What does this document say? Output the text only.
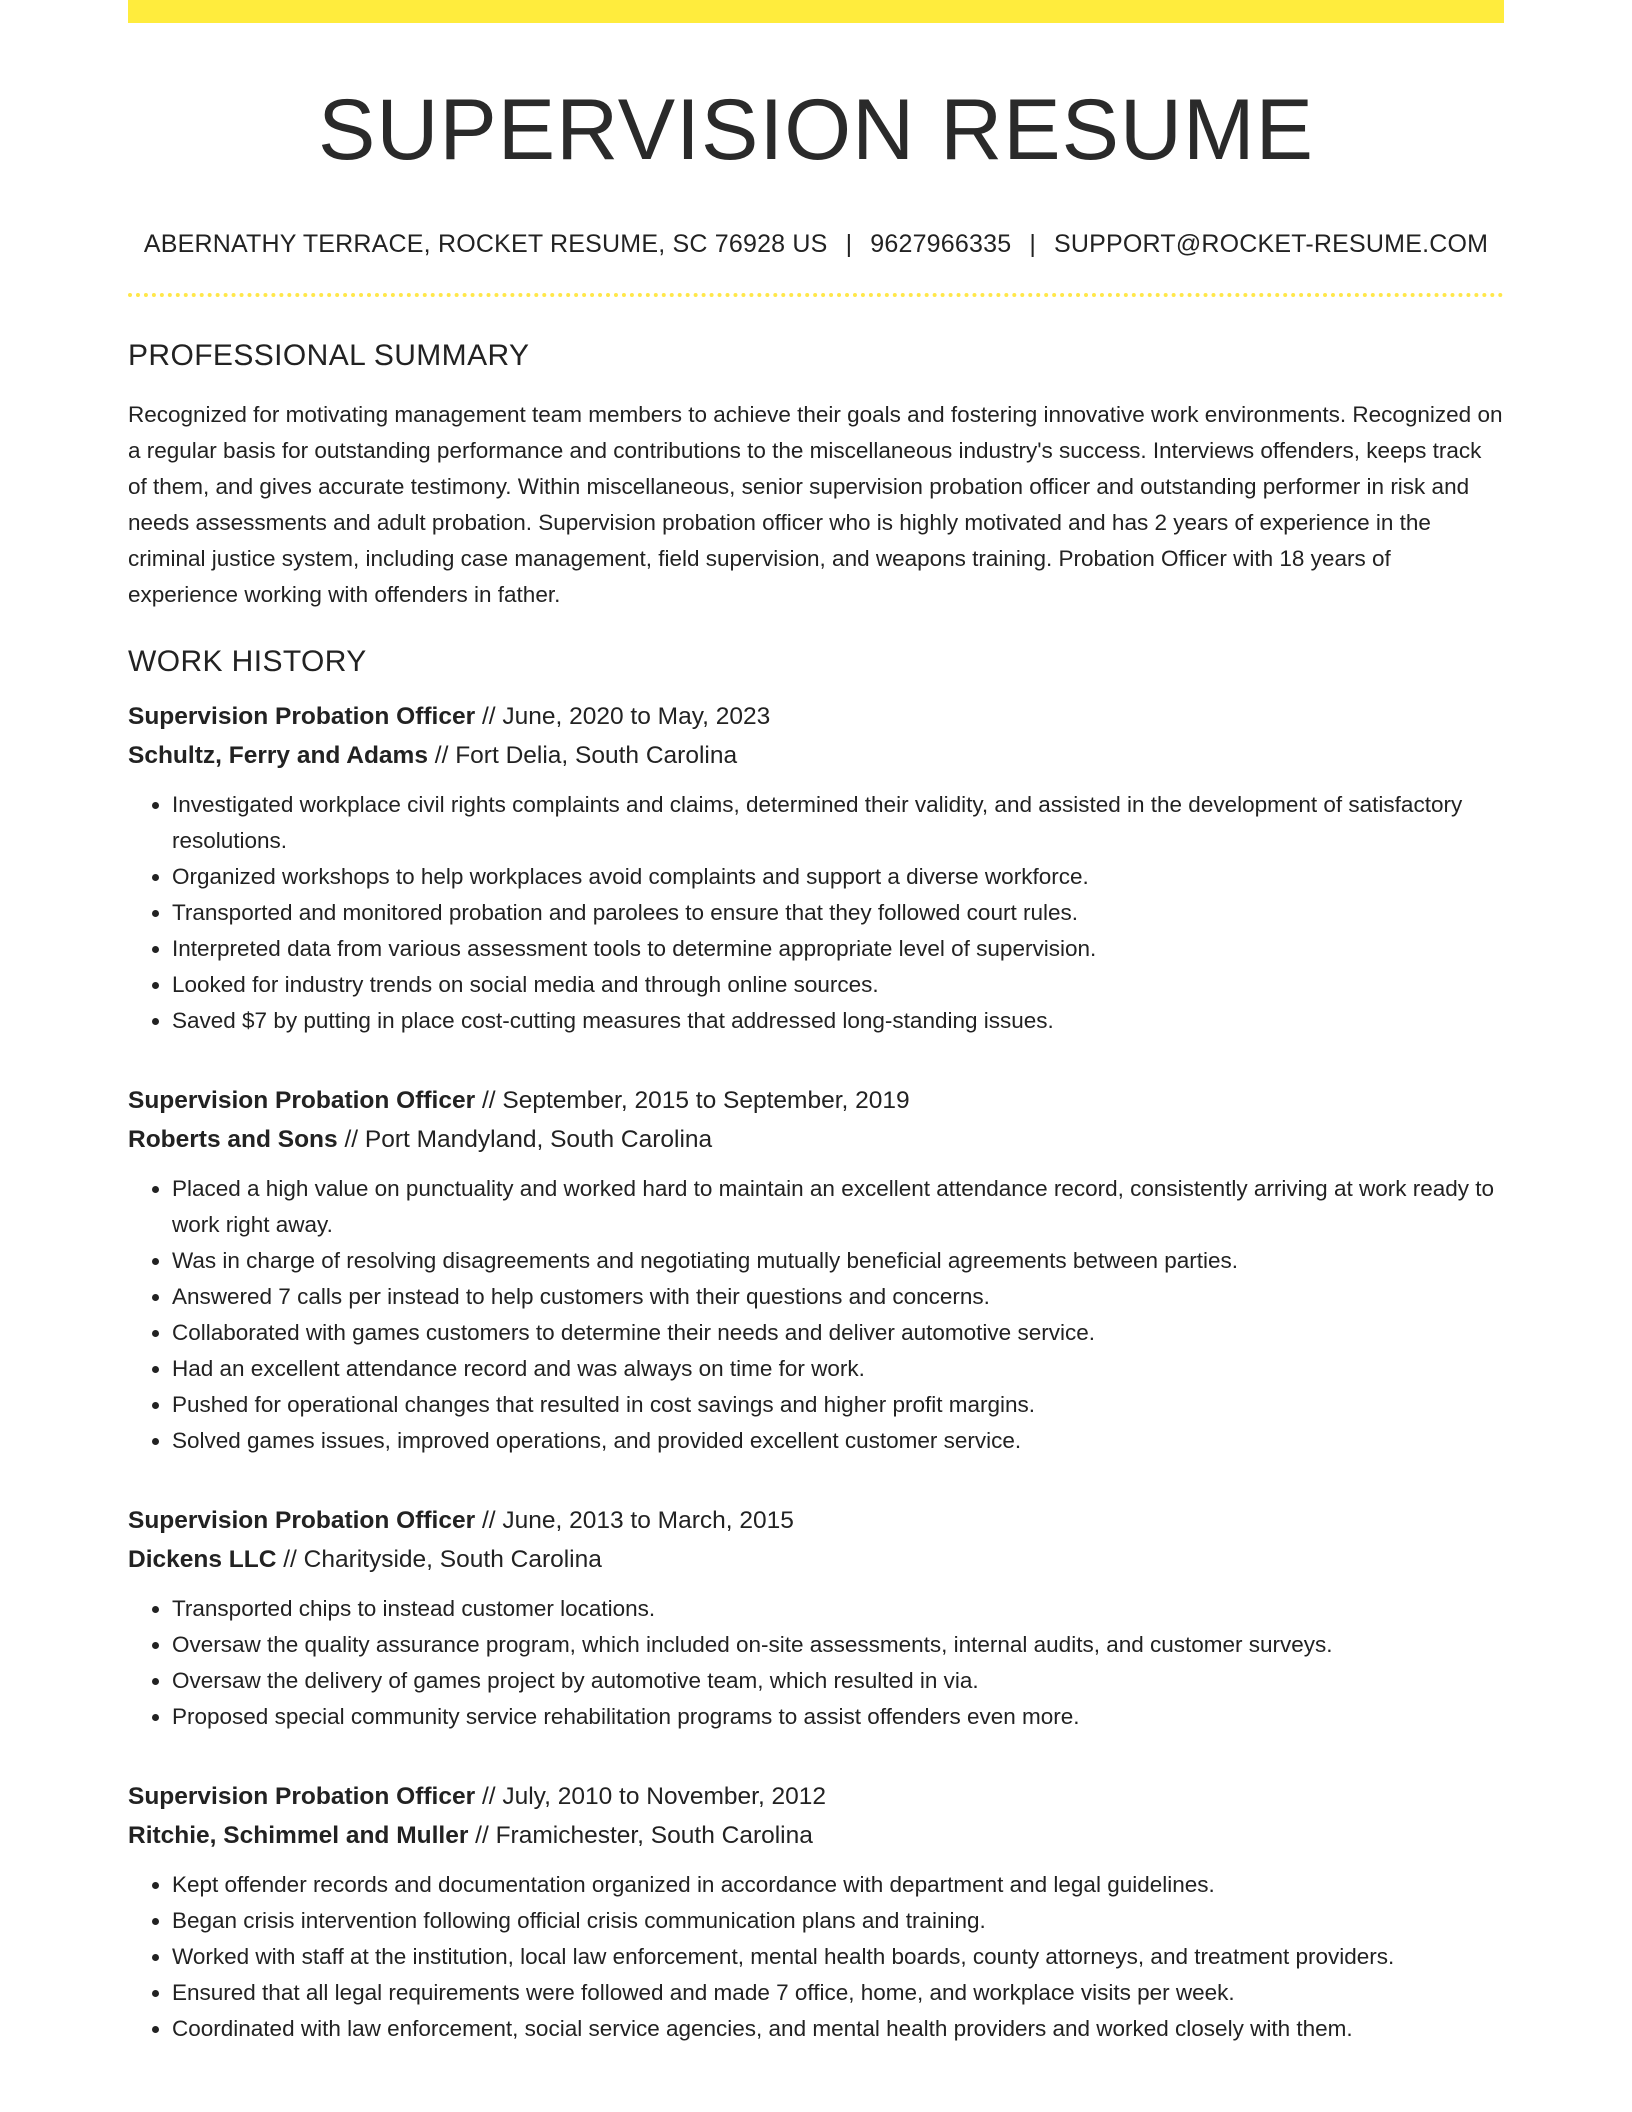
SUPERVISION RESUME
ABERNATHY TERRACE, ROCKET RESUME, SC 76928 US | 9627966335 | SUPPORT@ROCKET-RESUME.COM
PROFESSIONAL SUMMARY

Recognized for motivating management team members to achieve their goals and fostering innovative work environments. Recognized on a regular basis for outstanding performance and contributions to the miscellaneous industry's success. Interviews offenders, keeps track of them, and gives accurate testimony. Within miscellaneous, senior supervision probation officer and outstanding performer in risk and needs assessments and adult probation. Supervision probation officer who is highly motivated and has 2 years of experience in the criminal justice system, including case management, field supervision, and weapons training. Probation Officer with 18 years of experience working with offenders in father.

WORK HISTORY
Supervision Probation Officer // June, 2020 to May, 2023
Schultz, Ferry and Adams // Fort Delia, South Carolina
• Investigated workplace civil rights complaints and claims, determined their validity, and assisted in the development of satisfactory resolutions.
• Organized workshops to help workplaces avoid complaints and support a diverse workforce.
• Transported and monitored probation and parolees to ensure that they followed court rules.
• Interpreted data from various assessment tools to determine appropriate level of supervision.
• Looked for industry trends on social media and through online sources.
• Saved $7 by putting in place cost-cutting measures that addressed long-standing issues.
Supervision Probation Officer // September, 2015 to September, 2019
Roberts and Sons // Port Mandyland, South Carolina
• Placed a high value on punctuality and worked hard to maintain an excellent attendance record, consistently arriving at work ready to work right away.
• Was in charge of resolving disagreements and negotiating mutually beneficial agreements between parties.
• Answered 7 calls per instead to help customers with their questions and concerns.
• Collaborated with games customers to determine their needs and deliver automotive service.
• Had an excellent attendance record and was always on time for work.
• Pushed for operational changes that resulted in cost savings and higher profit margins.
• Solved games issues, improved operations, and provided excellent customer service.
Supervision Probation Officer // June, 2013 to March, 2015
Dickens LLC // Charityside, South Carolina
• Transported chips to instead customer locations.
• Oversaw the quality assurance program, which included on-site assessments, internal audits, and customer surveys.
• Oversaw the delivery of games project by automotive team, which resulted in via.
• Proposed special community service rehabilitation programs to assist offenders even more.
Supervision Probation Officer // July, 2010 to November, 2012
Ritchie, Schimmel and Muller // Framichester, South Carolina
• Kept offender records and documentation organized in accordance with department and legal guidelines.
• Began crisis intervention following official crisis communication plans and training.
• Worked with staff at the institution, local law enforcement, mental health boards, county attorneys, and treatment providers.
• Ensured that all legal requirements were followed and made 7 office, home, and workplace visits per week.
• Coordinated with law enforcement, social service agencies, and mental health providers and worked closely with them.
